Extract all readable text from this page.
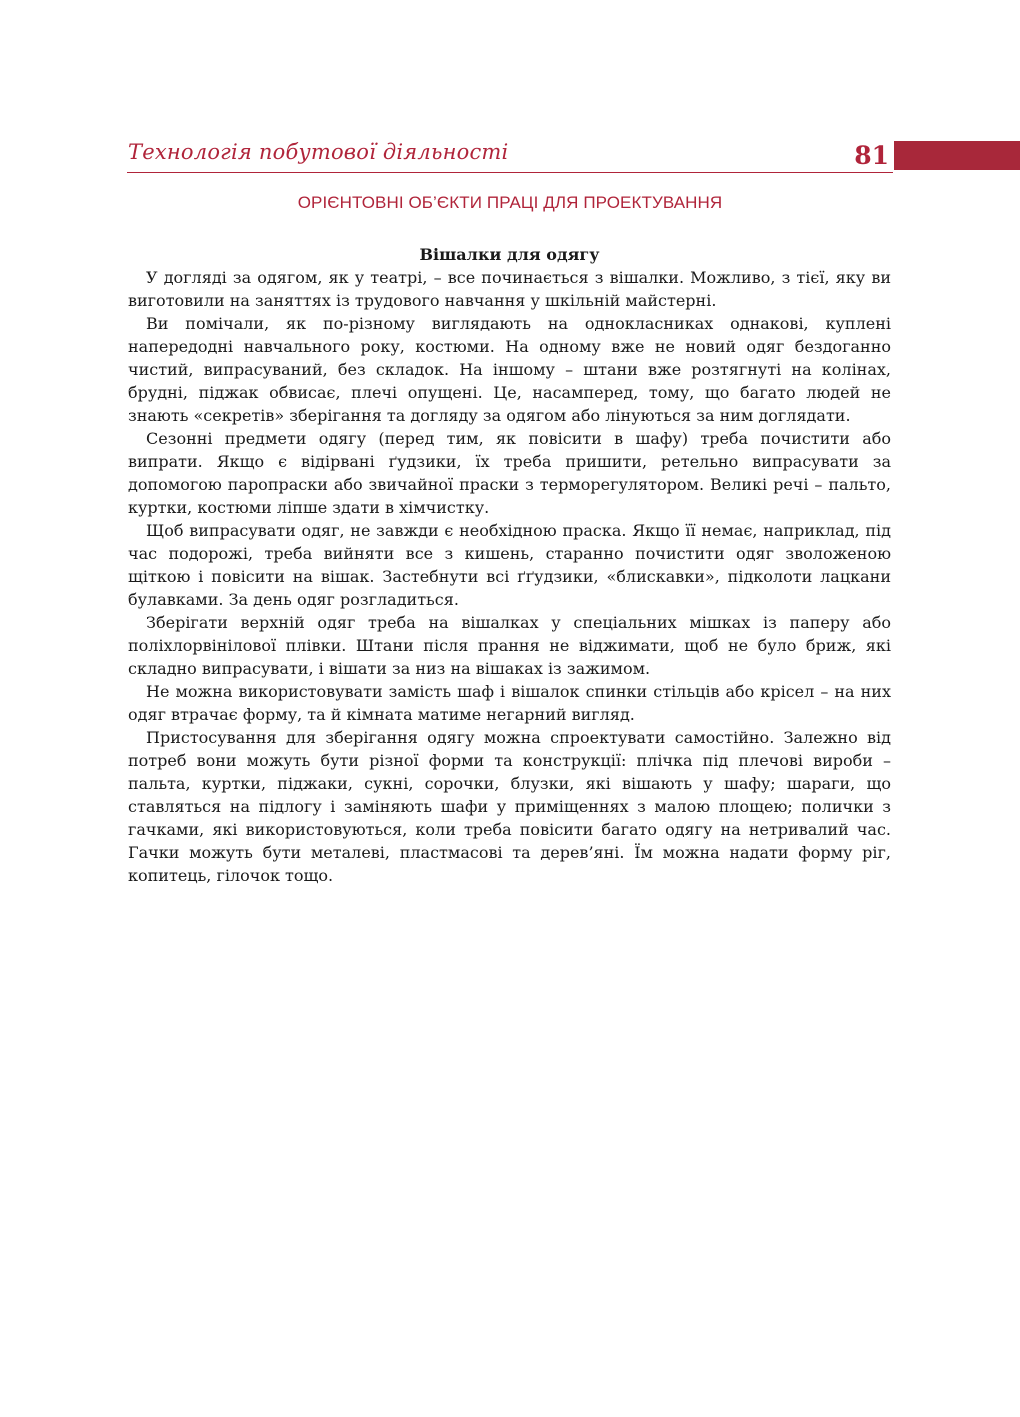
Технологія побутової діяльності	81
ОРІЄНТОВНІ ОБ’ЄКТИ ПРАЦІ ДЛЯ ПРОЕКТУВАННЯ

Вішалки для одягу

У догляді за одягом, як у театрі, – все починається з вішалки. Можливо, з тієї, яку ви виготовили на заняттях із трудового навчання у шкільній майстерні.

Ви помічали, як по-різному виглядають на однокласниках однакові, куплені напередодні навчального року, костюми. На одному вже не новий одяг бездоганно чистий, випрасуваний, без складок. На іншому – штани вже розтягнуті на колінах, брудні, піджак обвисає, плечі опущені. Це, насамперед, тому, що багато людей не знають «секретів» зберігання та догляду за одягом або лінуються за ним доглядати.

Сезонні предмети одягу (перед тим, як повісити в шафу) треба почистити або випрати. Якщо є відірвані ґудзики, їх треба пришити, ретельно випрасувати за допомогою паропраски або звичайної праски з терморегулятором. Великі речі – пальто, куртки, костюми ліпше здати в хімчистку.

Щоб випрасувати одяг, не завжди є необхідною праска. Якщо її немає, наприклад, під час подорожі, треба вийняти все з кишень, старанно почистити одяг зволоженою щіткою і повісити на вішак. Застебнути всі ґґудзики, «блискавки», підколоти лацкани булавками. За день одяг розгладиться.

Зберігати верхній одяг треба на вішалках у спеціальних мішках із паперу або поліхлорвінілової плівки. Штани після прання не віджимати, щоб не було бриж, які складно випрасувати, і вішати за низ на вішаках із зажимом.

Не можна використовувати замість шаф і вішалок спинки стільців або крісел – на них одяг втрачає форму, та й кімната матиме негарний вигляд.

Пристосування для зберігання одягу можна спроектувати самостійно. Залежно від потреб вони можуть бути різної форми та конструкції: плічка під плечові вироби – пальта, куртки, піджаки, сукні, сорочки, блузки, які вішають у шафу; шараги, що ставляться на підлогу і заміняють шафи у приміщеннях з малою площею; полички з гачками, які використовуються, коли треба повісити багато одягу на нетривалий час. Гачки можуть бути металеві, пластмасові та дерев’яні. Їм можна надати форму ріг, копитець, гілочок тощо.
